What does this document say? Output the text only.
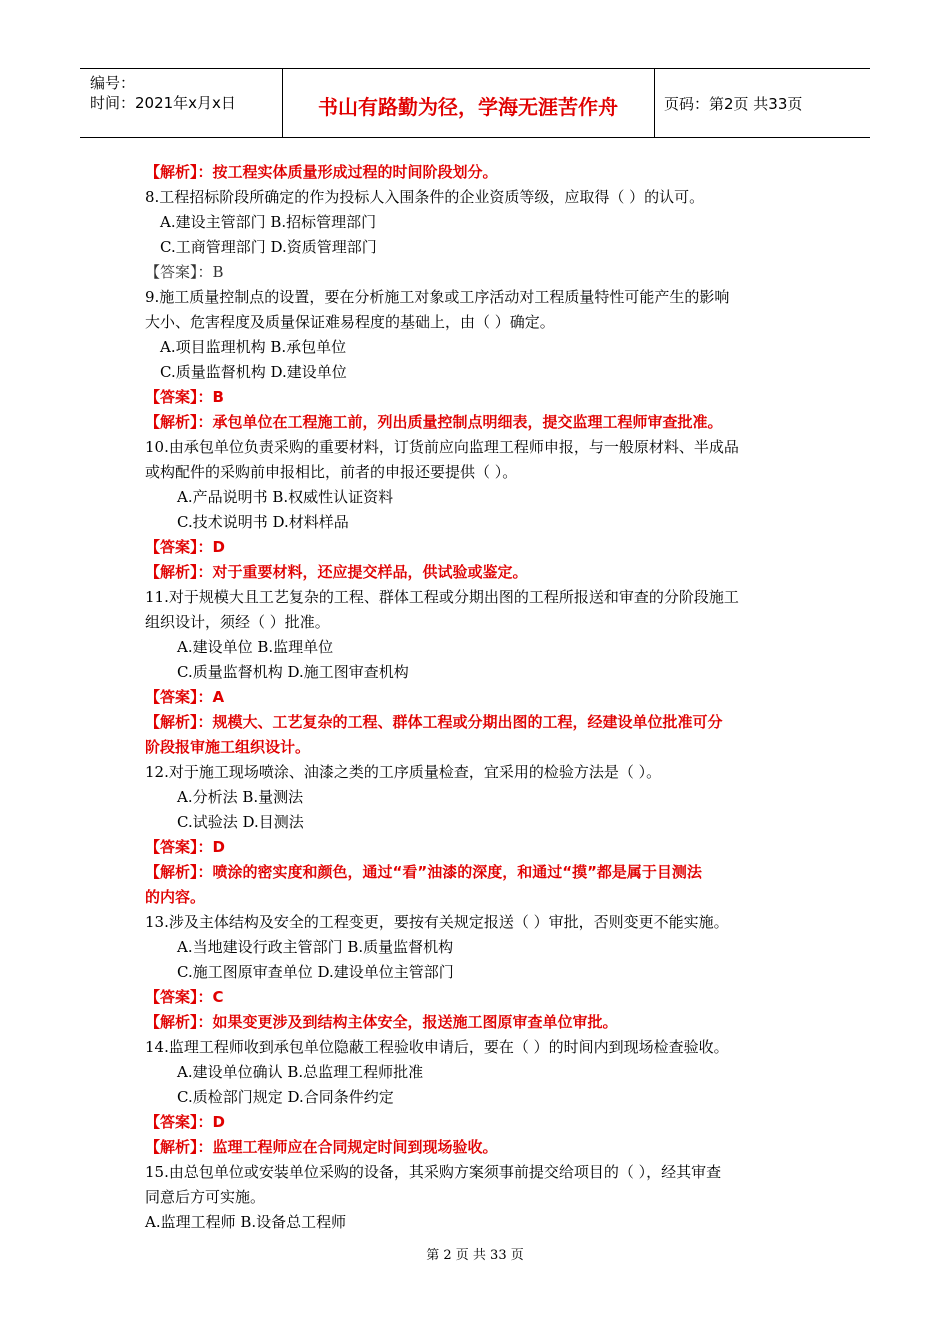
编号：
时间：2021年x月x日	书山有路勤为径，学海无涯苦作舟	页码：第2页 共33页
【解析】：按工程实体质量形成过程的时间阶段划分。
8.工程招标阶段所确定的作为投标人入围条件的企业资质等级，应取得（ ）的认可。
A.建设主管部门 B.招标管理部门
C.工商管理部门 D.资质管理部门
【答案】：B
9.施工质量控制点的设置，要在分析施工对象或工序活动对工程质量特性可能产生的影响
大小、危害程度及质量保证难易程度的基础上，由（ ）确定。
A.项目监理机构 B.承包单位
C.质量监督机构 D.建设单位
【答案】：B
【解析】：承包单位在工程施工前，列出质量控制点明细表，提交监理工程师审查批准。
10.由承包单位负责采购的重要材料，订货前应向监理工程师申报，与一般原材料、半成品
或构配件的采购前申报相比，前者的申报还要提供（ ）。
A.产品说明书 B.权威性认证资料
C.技术说明书 D.材料样品
【答案】：D
【解析】：对于重要材料，还应提交样品，供试验或鉴定。
11.对于规模大且工艺复杂的工程、群体工程或分期出图的工程所报送和审查的分阶段施工
组织设计，须经（ ）批准。
A.建设单位 B.监理单位
C.质量监督机构 D.施工图审查机构
【答案】：A
【解析】：规模大、工艺复杂的工程、群体工程或分期出图的工程，经建设单位批准可分
阶段报审施工组织设计。
12.对于施工现场喷涂、油漆之类的工序质量检查，宜采用的检验方法是（ ）。
A.分析法 B.量测法
C.试验法 D.目测法
【答案】：D
【解析】：喷涂的密实度和颜色，通过“看”油漆的深度，和通过“摸”都是属于目测法
的内容。
13.涉及主体结构及安全的工程变更，要按有关规定报送（ ）审批，否则变更不能实施。
A.当地建设行政主管部门 B.质量监督机构
C.施工图原审查单位 D.建设单位主管部门
【答案】：C
【解析】：如果变更涉及到结构主体安全，报送施工图原审查单位审批。
14.监理工程师收到承包单位隐蔽工程验收申请后，要在（ ）的时间内到现场检查验收。
A.建设单位确认 B.总监理工程师批准
C.质检部门规定 D.合同条件约定
【答案】：D
【解析】：监理工程师应在合同规定时间到现场验收。
15.由总包单位或安装单位采购的设备，其采购方案须事前提交给项目的（ ），经其审查
同意后方可实施。
A.监理工程师 B.设备总工程师
第 2 页 共 33 页
